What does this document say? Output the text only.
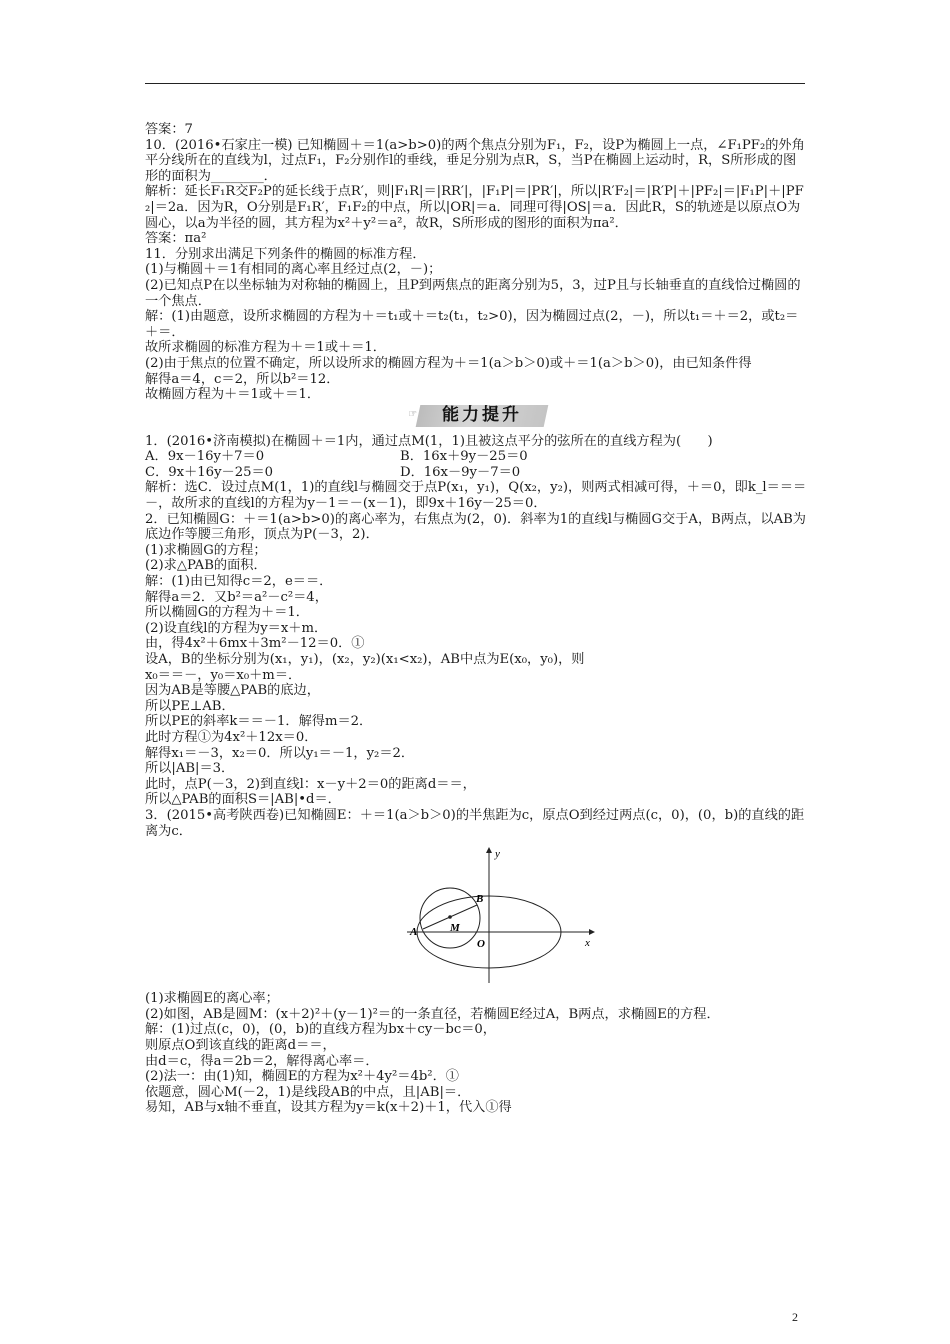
答案：7

10．(2016•石家庄一模) 已知椭圆＋＝1(a>b>0)的两个焦点分别为F₁，F₂，设P为椭圆上一点，∠F₁PF₂的外角平分线所在的直线为l，过点F₁，F₂分别作l的垂线，垂足分别为点R，S，当P在椭圆上运动时，R，S所形成的图形的面积为________．

解析：延长F₁R交F₂P的延长线于点R′，则|F₁R|＝|RR′|，|F₁P|＝|PR′|，所以|R′F₂|＝|R′P|＋|PF₂|＝|F₁P|＋|PF₂|＝2a．因为R，O分别是F₁R′，F₁F₂的中点，所以|OR|＝a．同理可得|OS|＝a．因此R，S的轨迹是以原点O为圆心，以a为半径的圆，其方程为x²＋y²＝a²，故R，S所形成的图形的面积为πa²．

答案：πa²

11．分别求出满足下列条件的椭圆的标准方程．

(1)与椭圆＋＝1有相同的离心率且经过点(2，－)；

(2)已知点P在以坐标轴为对称轴的椭圆上，且P到两焦点的距离分别为5，3，过P且与长轴垂直的直线恰过椭圆的一个焦点．

解：(1)由题意，设所求椭圆的方程为＋＝t₁或＋＝t₂(t₁，t₂>0)，因为椭圆过点(2，－)，所以t₁＝＋＝2，或t₂＝＋＝．

故所求椭圆的标准方程为＋＝1或＋＝1．

(2)由于焦点的位置不确定，所以设所求的椭圆方程为＋＝1(a＞b＞0)或＋＝1(a＞b＞0)，由已知条件得

解得a＝4，c＝2，所以b²＝12．

故椭圆方程为＋＝1或＋＝1．

☞ 能力提升

1．(2016•济南模拟)在椭圆＋＝1内，通过点M(1，1)且被这点平分的弦所在的直线方程为(　　)

A．9x－16y＋7＝0	B．16x＋9y－25＝0
C．9x＋16y－25＝0	D．16x－9y－7＝0

解析：选C．设过点M(1，1)的直线l与椭圆交于点P(x₁，y₁)，Q(x₂，y₂)，则两式相减可得，＋＝0，即k_l＝＝＝－，故所求的直线l的方程为y－1＝－(x－1)，即9x＋16y－25＝0．

2．已知椭圆G：＋＝1(a>b>0)的离心率为，右焦点为(2，0)．斜率为1的直线l与椭圆G交于A，B两点，以AB为底边作等腰三角形，顶点为P(－3，2)．

(1)求椭圆G的方程；

(2)求△PAB的面积．

解：(1)由已知得c＝2，e＝＝．

解得a＝2．又b²＝a²－c²＝4，

所以椭圆G的方程为＋＝1．

(2)设直线l的方程为y＝x＋m．

由，得4x²＋6mx＋3m²－12＝0．①

设A，B的坐标分别为(x₁，y₁)，(x₂，y₂)(x₁<x₂)，AB中点为E(x₀，y₀)，则

x₀＝＝－，y₀＝x₀＋m＝．

因为AB是等腰△PAB的底边，

所以PE⊥AB．

所以PE的斜率k＝＝－1．解得m＝2．

此时方程①为4x²＋12x＝0．

解得x₁＝－3，x₂＝0．所以y₁＝－1，y₂＝2．

所以|AB|＝3．

此时，点P(－3，2)到直线l：x－y＋2＝0的距离d＝＝，

所以△PAB的面积S＝|AB|•d＝．

3．(2015•高考陕西卷)已知椭圆E：＋＝1(a＞b＞0)的半焦距为c，原点O到经过两点(c，0)，(0，b)的直线的距离为c．

y
x
O
A
B
M

(1)求椭圆E的离心率；

(2)如图，AB是圆M：(x＋2)²＋(y－1)²＝的一条直径，若椭圆E经过A，B两点，求椭圆E的方程．

解：(1)过点(c，0)，(0，b)的直线方程为bx＋cy－bc＝0，

则原点O到该直线的距离d＝＝，

由d＝c，得a＝2b＝2，解得离心率＝．

(2)法一：由(1)知，椭圆E的方程为x²＋4y²＝4b²．①

依题意，圆心M(－2，1)是线段AB的中点，且|AB|＝．

易知，AB与x轴不垂直，设其方程为y＝k(x＋2)＋1，代入①得

2
